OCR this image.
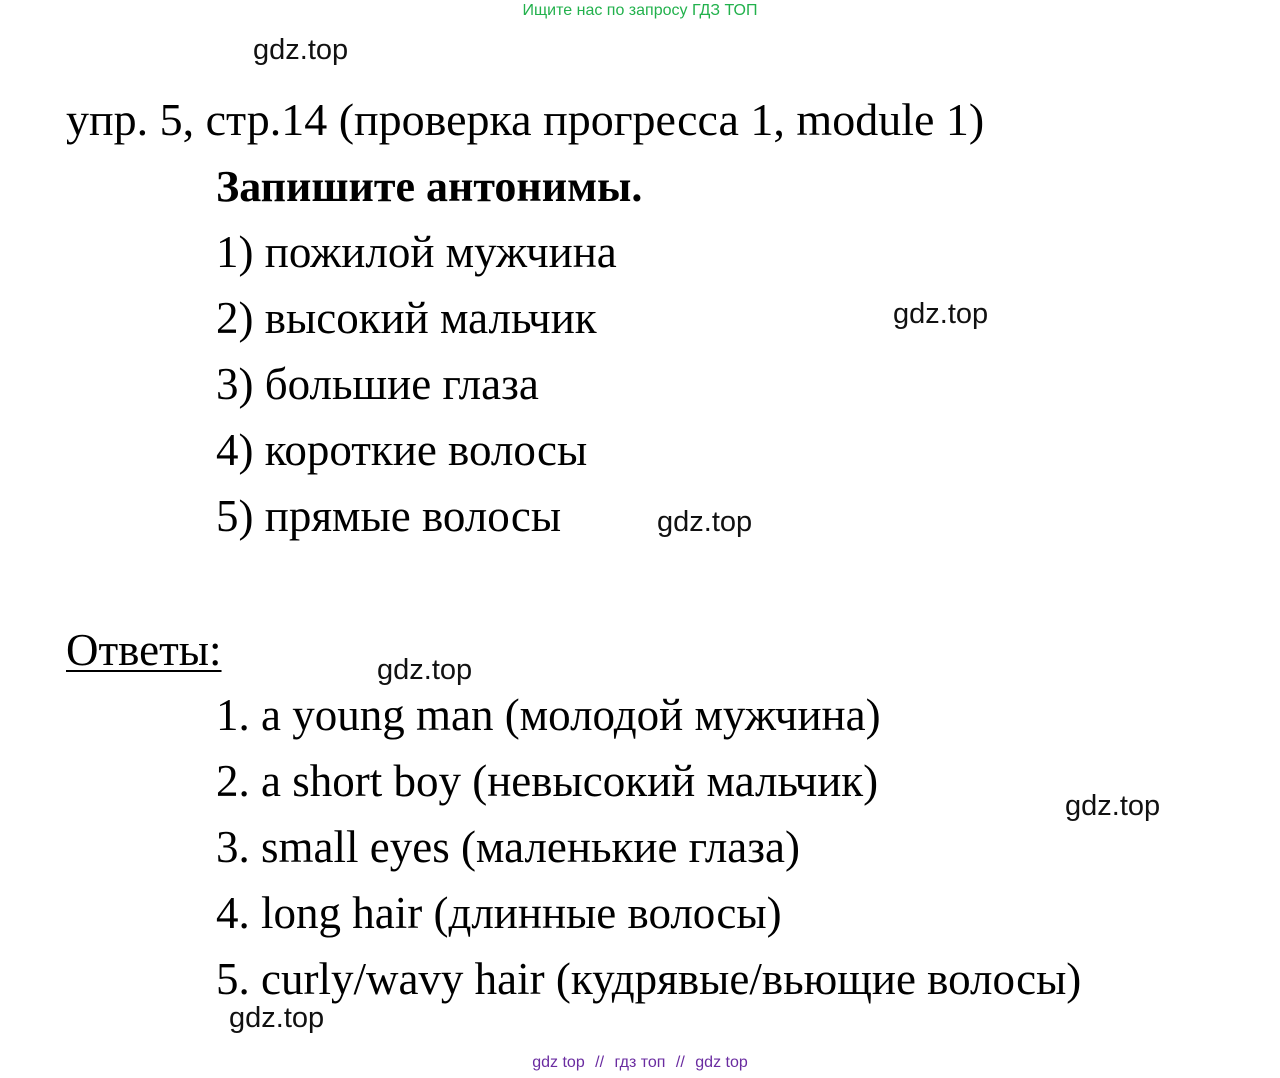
Ищите нас по запросу ГДЗ ТОП
gdz.top
gdz.top
gdz.top
gdz.top
gdz.top
gdz.top
упр. 5, стр.14 (проверка прогресса 1, module 1)
Запишите антонимы.
1) пожилой мужчина
2) высокий мальчик
3) большие глаза
4) короткие волосы
5) прямые волосы
Ответы:
1. a young man (молодой мужчина)
2. a short boy (невысокий мальчик)
3. small eyes (маленькие глаза)
4. long hair (длинные волосы)
5. curly/wavy hair (кудрявые/вьющие волосы)
gdz top // гдз топ // gdz top
